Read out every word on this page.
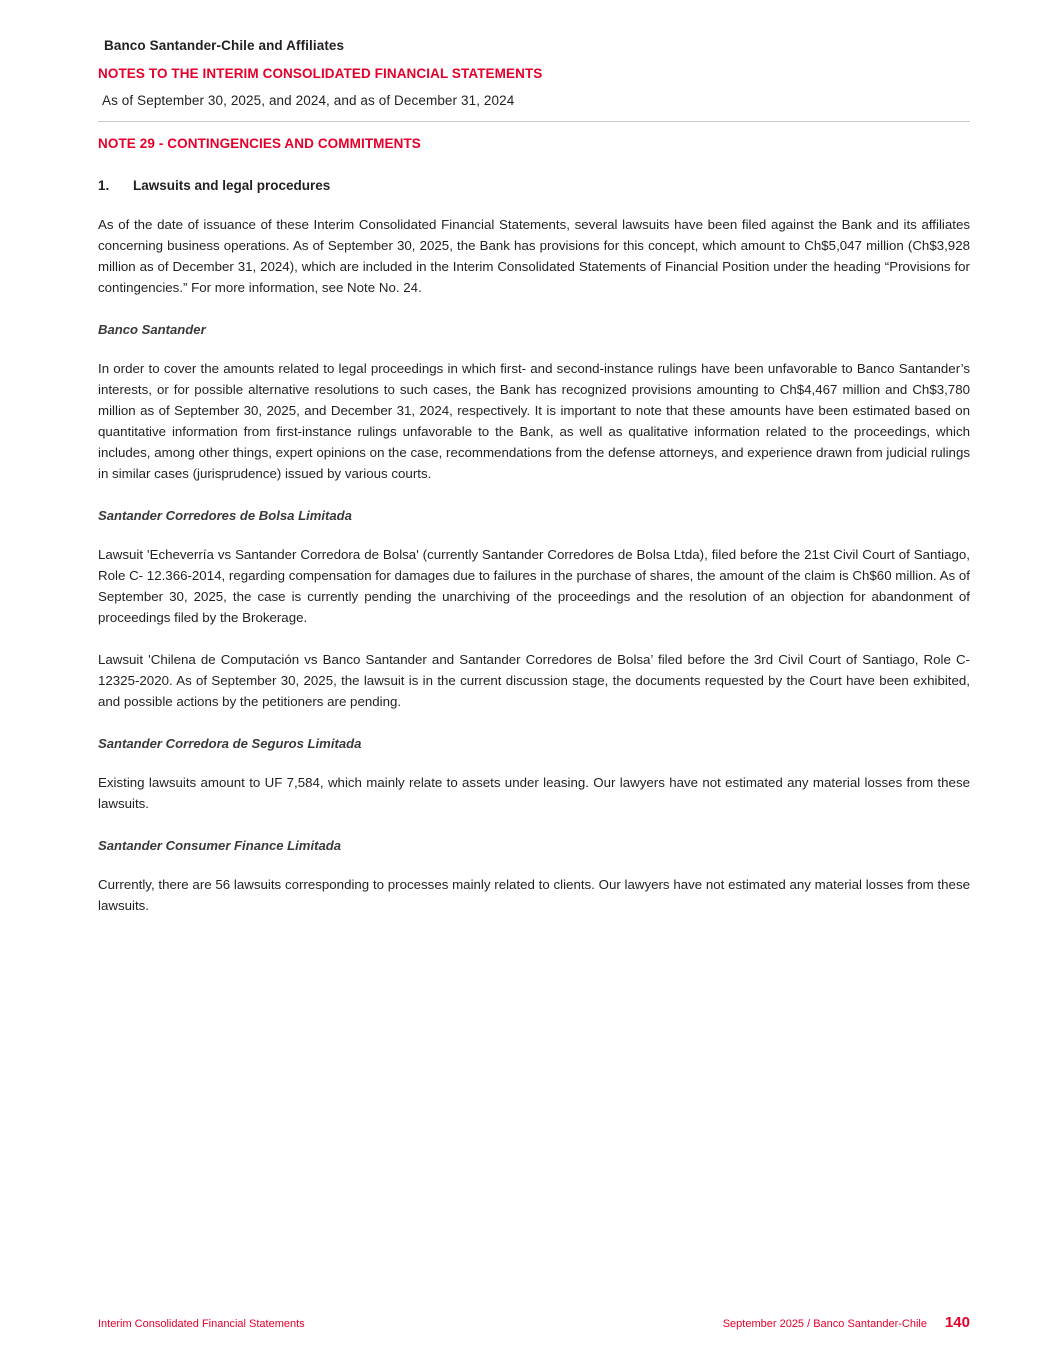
Banco Santander-Chile and Affiliates
NOTES TO THE INTERIM CONSOLIDATED FINANCIAL STATEMENTS
As of September 30, 2025, and 2024, and as of December 31, 2024
NOTE 29 - CONTINGENCIES AND COMMITMENTS
1. Lawsuits and legal procedures

As of the date of issuance of these Interim Consolidated Financial Statements, several lawsuits have been filed against the Bank and its affiliates concerning business operations. As of September 30, 2025, the Bank has provisions for this concept, which amount to Ch$5,047 million (Ch$3,928 million as of December 31, 2024), which are included in the Interim Consolidated Statements of Financial Position under the heading “Provisions for contingencies.” For more information, see Note No. 24.

Banco Santander

In order to cover the amounts related to legal proceedings in which first- and second-instance rulings have been unfavorable to Banco Santander’s interests, or for possible alternative resolutions to such cases, the Bank has recognized provisions amounting to Ch$4,467 million and Ch$3,780 million as of September 30, 2025, and December 31, 2024, respectively. It is important to note that these amounts have been estimated based on quantitative information from first-instance rulings unfavorable to the Bank, as well as qualitative information related to the proceedings, which includes, among other things, expert opinions on the case, recommendations from the defense attorneys, and experience drawn from judicial rulings in similar cases (jurisprudence) issued by various courts.

Santander Corredores de Bolsa Limitada

Lawsuit 'Echeverría vs Santander Corredora de Bolsa' (currently Santander Corredores de Bolsa Ltda), filed before the 21st Civil Court of Santiago, Role C- 12.366-2014, regarding compensation for damages due to failures in the purchase of shares, the amount of the claim is Ch$60 million. As of September 30, 2025, the case is currently pending the unarchiving of the proceedings and the resolution of an objection for abandonment of proceedings filed by the Brokerage.

Lawsuit 'Chilena de Computación vs Banco Santander and Santander Corredores de Bolsa’ filed before the 3rd Civil Court of Santiago, Role C-12325-2020. As of September 30, 2025, the lawsuit is in the current discussion stage, the documents requested by the Court have been exhibited, and possible actions by the petitioners are pending.

Santander Corredora de Seguros Limitada

Existing lawsuits amount to UF 7,584, which mainly relate to assets under leasing. Our lawyers have not estimated any material losses from these lawsuits.

Santander Consumer Finance Limitada

Currently, there are 56 lawsuits corresponding to processes mainly related to clients. Our lawyers have not estimated any material losses from these lawsuits.

Interim Consolidated Financial Statements	September 2025 / Banco Santander-Chile 140
